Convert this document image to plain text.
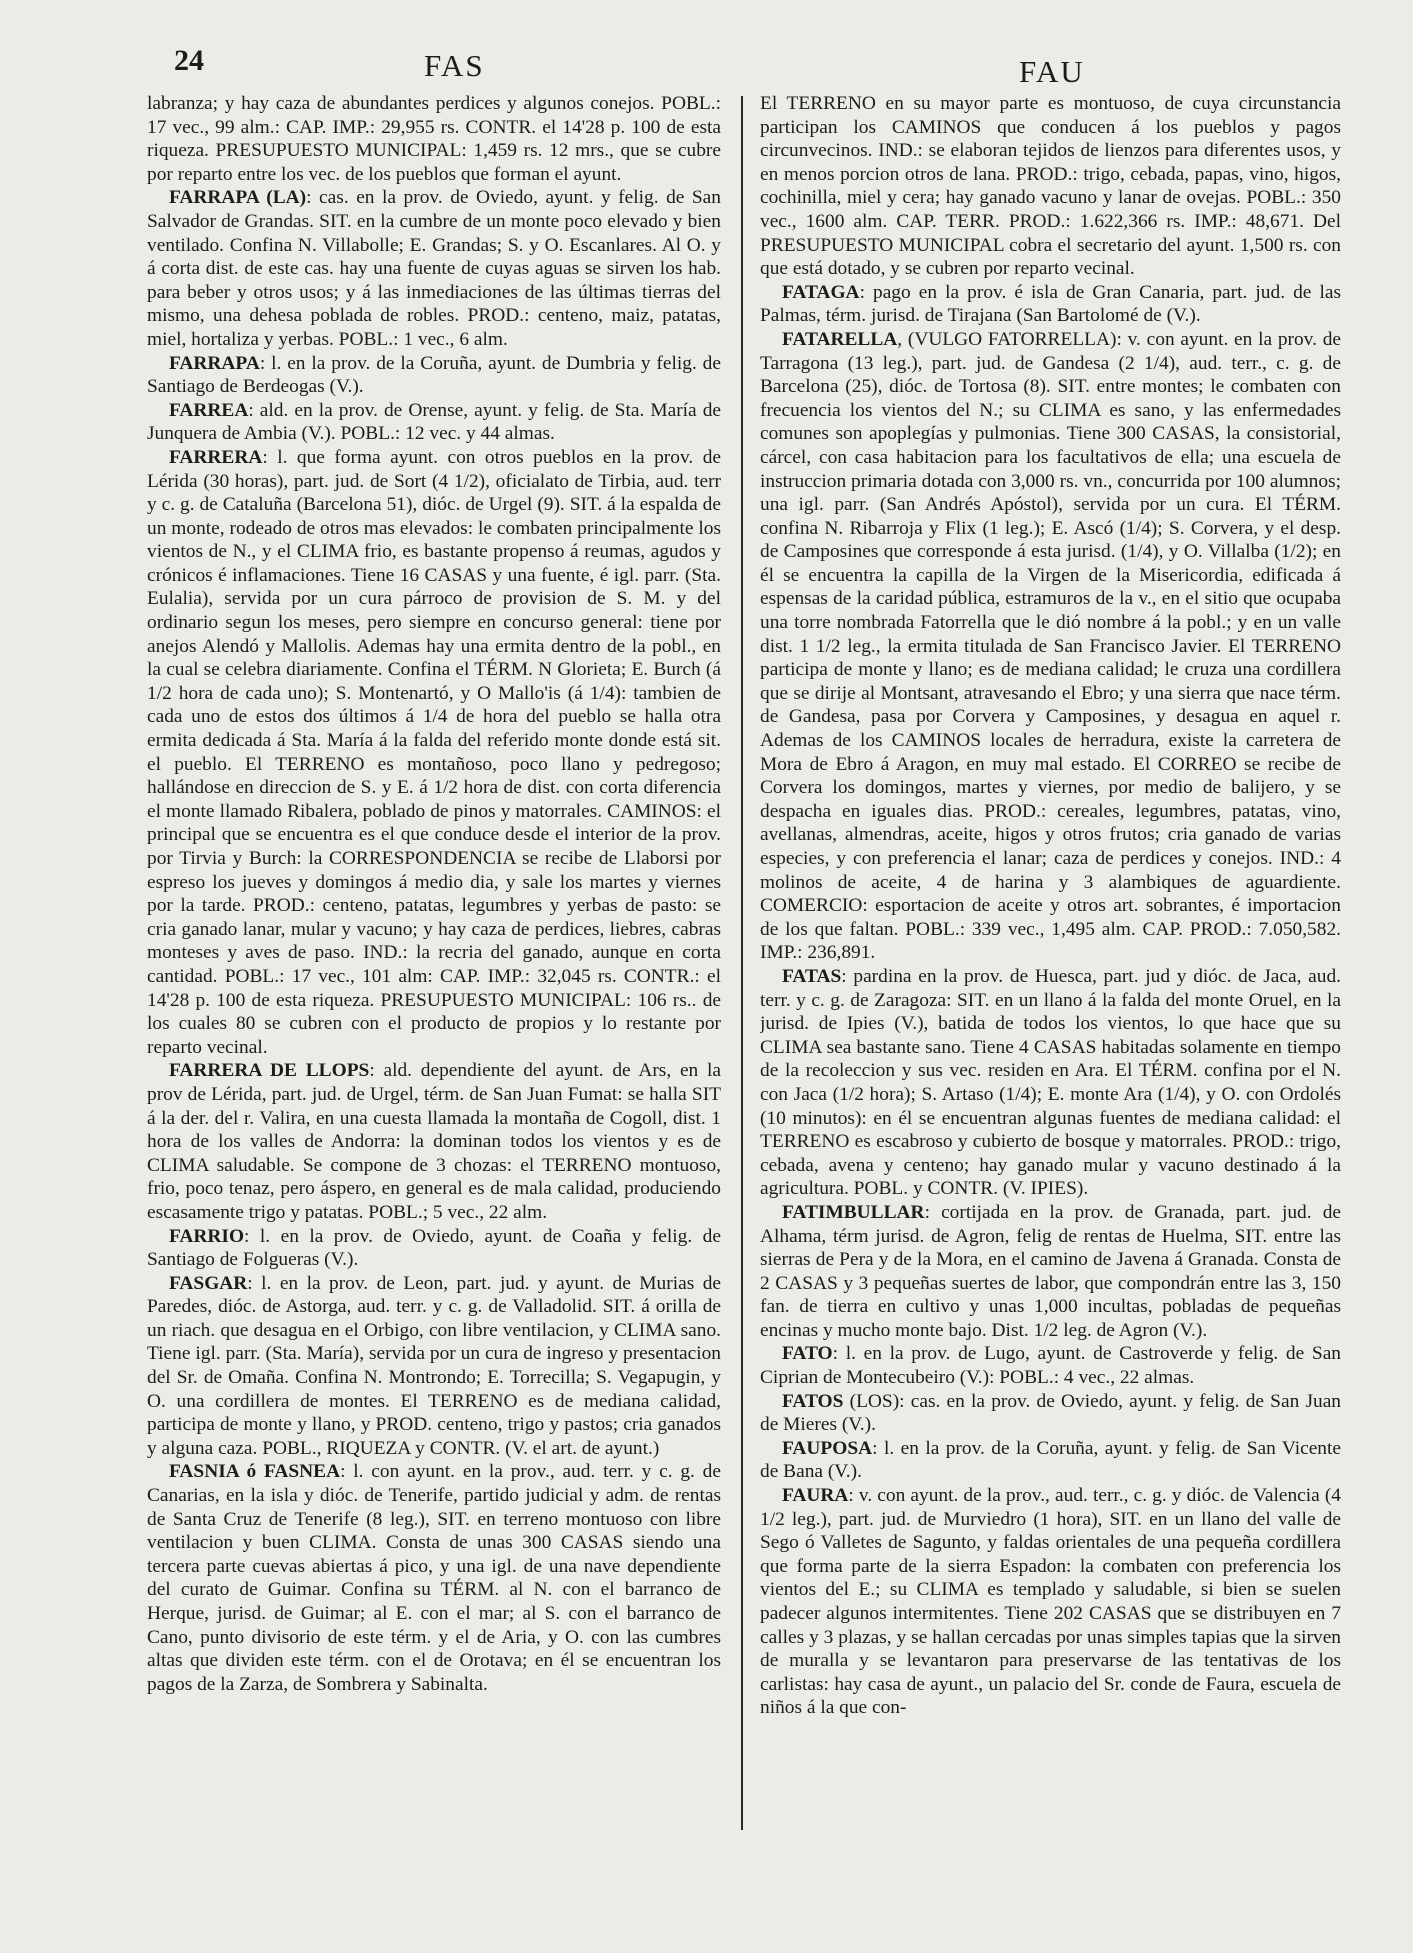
24	FAS	FAU

labranza; y hay caza de abundantes perdices y algunos conejos. POBL.: 17 vec., 99 alm.: CAP. IMP.: 29,955 rs. CONTR. el 14'28 p. 100 de esta riqueza. PRESUPUESTO MUNICIPAL: 1,459 rs. 12 mrs., que se cubre por reparto entre los vec. de los pueblos que forman el ayunt.

FARRAPA (LA): cas. en la prov. de Oviedo, ayunt. y felig. de San Salvador de Grandas. SIT. en la cumbre de un monte poco elevado y bien ventilado. Confina N. Villabolle; E. Grandas; S. y O. Escanlares. Al O. y á corta dist. de este cas. hay una fuente de cuyas aguas se sirven los hab. para beber y otros usos; y á las inmediaciones de las últimas tierras del mismo, una dehesa poblada de robles. PROD.: centeno, maiz, patatas, miel, hortaliza y yerbas. POBL.: 1 vec., 6 alm.

FARRAPA: l. en la prov. de la Coruña, ayunt. de Dumbria y felig. de Santiago de Berdeogas (V.).

FARREA: ald. en la prov. de Orense, ayunt. y felig. de Sta. María de Junquera de Ambia (V.). POBL.: 12 vec. y 44 almas.

FARRERA: l. que forma ayunt. con otros pueblos en la prov. de Lérida (30 horas), part. jud. de Sort (4 1/2), oficialato de Tirbia, aud. terr y c. g. de Cataluña (Barcelona 51), dióc. de Urgel (9). SIT. á la espalda de un monte, rodeado de otros mas elevados: le combaten principalmente los vientos de N., y el CLIMA frio, es bastante propenso á reumas, agudos y crónicos é inflamaciones. Tiene 16 CASAS y una fuente, é igl. parr. (Sta. Eulalia), servida por un cura párroco de provision de S. M. y del ordinario segun los meses, pero siempre en concurso general: tiene por anejos Alendó y Mallolis. Ademas hay una ermita dentro de la pobl., en la cual se celebra diariamente. Confina el TÉRM. N Glorieta; E. Burch (á 1/2 hora de cada uno); S. Montenartó, y O Mallo'is (á 1/4): tambien de cada uno de estos dos últimos á 1/4 de hora del pueblo se halla otra ermita dedicada á Sta. María á la falda del referido monte donde está sit. el pueblo. El TERRENO es montañoso, poco llano y pedregoso; hallándose en direccion de S. y E. á 1/2 hora de dist. con corta diferencia el monte llamado Ribalera, poblado de pinos y matorrales. CAMINOS: el principal que se encuentra es el que conduce desde el interior de la prov. por Tirvia y Burch: la CORRESPONDENCIA se recibe de Llaborsi por espreso los jueves y domingos á medio dia, y sale los martes y viernes por la tarde. PROD.: centeno, patatas, legumbres y yerbas de pasto: se cria ganado lanar, mular y vacuno; y hay caza de perdices, liebres, cabras monteses y aves de paso. IND.: la recria del ganado, aunque en corta cantidad. POBL.: 17 vec., 101 alm: CAP. IMP.: 32,045 rs. CONTR.: el 14'28 p. 100 de esta riqueza. PRESUPUESTO MUNICIPAL: 106 rs.. de los cuales 80 se cubren con el producto de propios y lo restante por reparto vecinal.

FARRERA DE LLOPS: ald. dependiente del ayunt. de Ars, en la prov de Lérida, part. jud. de Urgel, térm. de San Juan Fumat: se halla SIT á la der. del r. Valira, en una cuesta llamada la montaña de Cogoll, dist. 1 hora de los valles de Andorra: la dominan todos los vientos y es de CLIMA saludable. Se compone de 3 chozas: el TERRENO montuoso, frio, poco tenaz, pero áspero, en general es de mala calidad, produciendo escasamente trigo y patatas. POBL.; 5 vec., 22 alm.

FARRIO: l. en la prov. de Oviedo, ayunt. de Coaña y felig. de Santiago de Folgueras (V.).

FASGAR: l. en la prov. de Leon, part. jud. y ayunt. de Murias de Paredes, dióc. de Astorga, aud. terr. y c. g. de Valladolid. SIT. á orilla de un riach. que desagua en el Orbigo, con libre ventilacion, y CLIMA sano. Tiene igl. parr. (Sta. María), servida por un cura de ingreso y presentacion del Sr. de Omaña. Confina N. Montrondo; E. Torrecilla; S. Vegapugin, y O. una cordillera de montes. El TERRENO es de mediana calidad, participa de monte y llano, y PROD. centeno, trigo y pastos; cria ganados y alguna caza. POBL., RIQUEZA y CONTR. (V. el art. de ayunt.)

FASNIA ó FASNEA: l. con ayunt. en la prov., aud. terr. y c. g. de Canarias, en la isla y dióc. de Tenerife, partido judicial y adm. de rentas de Santa Cruz de Tenerife (8 leg.), SIT. en terreno montuoso con libre ventilacion y buen CLIMA. Consta de unas 300 CASAS siendo una tercera parte cuevas abiertas á pico, y una igl. de una nave dependiente del curato de Guimar. Confina su TÉRM. al N. con el barranco de Herque, jurisd. de Guimar; al E. con el mar; al S. con el barranco de Cano, punto divisorio de este térm. y el de Aria, y O. con las cumbres altas que dividen este térm. con el de Orotava; en él se encuentran los pagos de la Zarza, de Sombrera y Sabinalta.

El TERRENO en su mayor parte es montuoso, de cuya circunstancia participan los CAMINOS que conducen á los pueblos y pagos circunvecinos. IND.: se elaboran tejidos de lienzos para diferentes usos, y en menos porcion otros de lana. PROD.: trigo, cebada, papas, vino, higos, cochinilla, miel y cera; hay ganado vacuno y lanar de ovejas. POBL.: 350 vec., 1600 alm. CAP. TERR. PROD.: 1.622,366 rs. IMP.: 48,671. Del PRESUPUESTO MUNICIPAL cobra el secretario del ayunt. 1,500 rs. con que está dotado, y se cubren por reparto vecinal.

FATAGA: pago en la prov. é isla de Gran Canaria, part. jud. de las Palmas, térm. jurisd. de Tirajana (San Bartolomé de (V.).

FATARELLA, (VULGO FATORRELLA): v. con ayunt. en la prov. de Tarragona (13 leg.), part. jud. de Gandesa (2 1/4), aud. terr., c. g. de Barcelona (25), dióc. de Tortosa (8). SIT. entre montes; le combaten con frecuencia los vientos del N.; su CLIMA es sano, y las enfermedades comunes son apoplegías y pulmonias. Tiene 300 CASAS, la consistorial, cárcel, con casa habitacion para los facultativos de ella; una escuela de instruccion primaria dotada con 3,000 rs. vn., concurrida por 100 alumnos; una igl. parr. (San Andrés Apóstol), servida por un cura. El TÉRM. confina N. Ribarroja y Flix (1 leg.); E. Ascó (1/4); S. Corvera, y el desp. de Camposines que corresponde á esta jurisd. (1/4), y O. Villalba (1/2); en él se encuentra la capilla de la Virgen de la Misericordia, edificada á espensas de la caridad pública, estramuros de la v., en el sitio que ocupaba una torre nombrada Fatorrella que le dió nombre á la pobl.; y en un valle dist. 1 1/2 leg., la ermita titulada de San Francisco Javier. El TERRENO participa de monte y llano; es de mediana calidad; le cruza una cordillera que se dirije al Montsant, atravesando el Ebro; y una sierra que nace térm. de Gandesa, pasa por Corvera y Camposines, y desagua en aquel r. Ademas de los CAMINOS locales de herradura, existe la carretera de Mora de Ebro á Aragon, en muy mal estado. El CORREO se recibe de Corvera los domingos, martes y viernes, por medio de balijero, y se despacha en iguales dias. PROD.: cereales, legumbres, patatas, vino, avellanas, almendras, aceite, higos y otros frutos; cria ganado de varias especies, y con preferencia el lanar; caza de perdices y conejos. IND.: 4 molinos de aceite, 4 de harina y 3 alambiques de aguardiente. COMERCIO: esportacion de aceite y otros art. sobrantes, é importacion de los que faltan. POBL.: 339 vec., 1,495 alm. CAP. PROD.: 7.050,582. IMP.: 236,891.

FATAS: pardina en la prov. de Huesca, part. jud y dióc. de Jaca, aud. terr. y c. g. de Zaragoza: SIT. en un llano á la falda del monte Oruel, en la jurisd. de Ipies (V.), batida de todos los vientos, lo que hace que su CLIMA sea bastante sano. Tiene 4 CASAS habitadas solamente en tiempo de la recoleccion y sus vec. residen en Ara. El TÉRM. confina por el N. con Jaca (1/2 hora); S. Artaso (1/4); E. monte Ara (1/4), y O. con Ordolés (10 minutos): en él se encuentran algunas fuentes de mediana calidad: el TERRENO es escabroso y cubierto de bosque y matorrales. PROD.: trigo, cebada, avena y centeno; hay ganado mular y vacuno destinado á la agricultura. POBL. y CONTR. (V. IPIES).

FATIMBULLAR: cortijada en la prov. de Granada, part. jud. de Alhama, térm jurisd. de Agron, felig de rentas de Huelma, SIT. entre las sierras de Pera y de la Mora, en el camino de Javena á Granada. Consta de 2 CASAS y 3 pequeñas suertes de labor, que compondrán entre las 3, 150 fan. de tierra en cultivo y unas 1,000 incultas, pobladas de pequeñas encinas y mucho monte bajo. Dist. 1/2 leg. de Agron (V.).

FATO: l. en la prov. de Lugo, ayunt. de Castroverde y felig. de San Ciprian de Montecubeiro (V.): POBL.: 4 vec., 22 almas.

FATOS (LOS): cas. en la prov. de Oviedo, ayunt. y felig. de San Juan de Mieres (V.).

FAUPOSA: l. en la prov. de la Coruña, ayunt. y felig. de San Vicente de Bana (V.).

FAURA: v. con ayunt. de la prov., aud. terr., c. g. y dióc. de Valencia (4 1/2 leg.), part. jud. de Murviedro (1 hora), SIT. en un llano del valle de Sego ó Valletes de Sagunto, y faldas orientales de una pequeña cordillera que forma parte de la sierra Espadon: la combaten con preferencia los vientos del E.; su CLIMA es templado y saludable, si bien se suelen padecer algunos intermitentes. Tiene 202 CASAS que se distribuyen en 7 calles y 3 plazas, y se hallan cercadas por unas simples tapias que la sirven de muralla y se levantaron para preservarse de las tentativas de los carlistas: hay casa de ayunt., un palacio del Sr. conde de Faura, escuela de niños á la que con-
